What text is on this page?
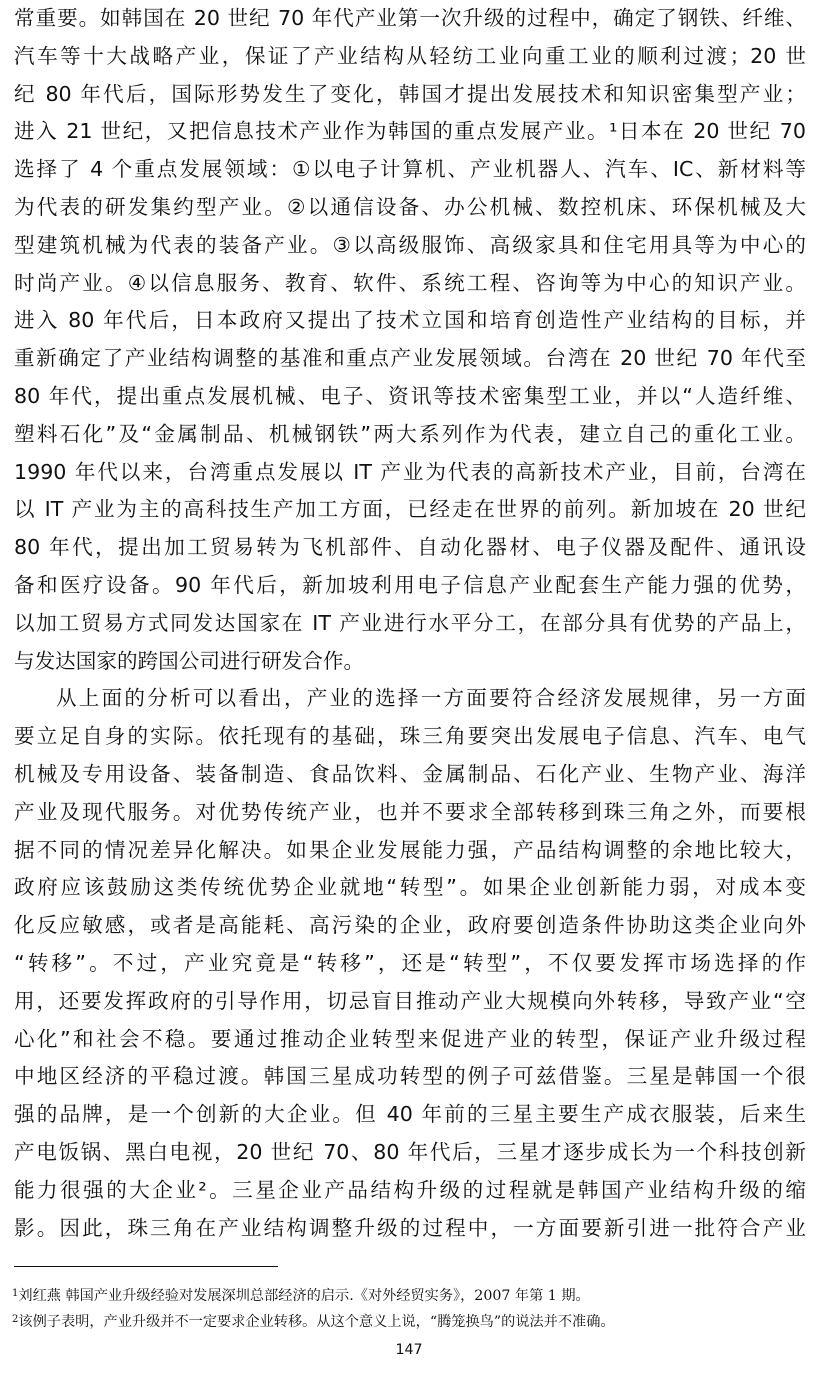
常重要。如韩国在 20 世纪 70 年代产业第一次升级的过程中，确定了钢铁、纤维、
汽车等十大战略产业，保证了产业结构从轻纺工业向重工业的顺利过渡；20 世
纪 80 年代后，国际形势发生了变化，韩国才提出发展技术和知识密集型产业；
进入 21 世纪，又把信息技术产业作为韩国的重点发展产业。¹日本在 20 世纪 70
选择了 4 个重点发展领域：①以电子计算机、产业机器人、汽车、IC、新材料等
为代表的研发集约型产业。②以通信设备、办公机械、数控机床、环保机械及大
型建筑机械为代表的装备产业。③以高级服饰、高级家具和住宅用具等为中心的
时尚产业。④以信息服务、教育、软件、系统工程、咨询等为中心的知识产业。
进入 80 年代后，日本政府又提出了技术立国和培育创造性产业结构的目标，并
重新确定了产业结构调整的基准和重点产业发展领域。台湾在 20 世纪 70 年代至
80 年代，提出重点发展机械、电子、资讯等技术密集型工业，并以“人造纤维、
塑料石化”及“金属制品、机械钢铁”两大系列作为代表，建立自己的重化工业。
1990 年代以来，台湾重点发展以 IT 产业为代表的高新技术产业，目前，台湾在
以 IT 产业为主的高科技生产加工方面，已经走在世界的前列。新加坡在 20 世纪
80 年代，提出加工贸易转为飞机部件、自动化器材、电子仪器及配件、通讯设
备和医疗设备。90 年代后，新加坡利用电子信息产业配套生产能力强的优势，
以加工贸易方式同发达国家在 IT 产业进行水平分工，在部分具有优势的产品上，
与发达国家的跨国公司进行研发合作。
从上面的分析可以看出，产业的选择一方面要符合经济发展规律，另一方面
要立足自身的实际。依托现有的基础，珠三角要突出发展电子信息、汽车、电气
机械及专用设备、装备制造、食品饮料、金属制品、石化产业、生物产业、海洋
产业及现代服务。对优势传统产业，也并不要求全部转移到珠三角之外，而要根
据不同的情况差异化解决。如果企业发展能力强，产品结构调整的余地比较大，
政府应该鼓励这类传统优势企业就地“转型”。如果企业创新能力弱，对成本变
化反应敏感，或者是高能耗、高污染的企业，政府要创造条件协助这类企业向外
“转移”。不过，产业究竟是“转移”，还是“转型”，不仅要发挥市场选择的作
用，还要发挥政府的引导作用，切忌盲目推动产业大规模向外转移，导致产业“空
心化”和社会不稳。要通过推动企业转型来促进产业的转型，保证产业升级过程
中地区经济的平稳过渡。韩国三星成功转型的例子可兹借鉴。三星是韩国一个很
强的品牌，是一个创新的大企业。但 40 年前的三星主要生产成衣服装，后来生
产电饭锅、黑白电视，20 世纪 70、80 年代后，三星才逐步成长为一个科技创新
能力很强的大企业²。三星企业产品结构升级的过程就是韩国产业结构升级的缩
影。因此，珠三角在产业结构调整升级的过程中，一方面要新引进一批符合产业
$^1$刘红燕 韩国产业升级经验对发展深圳总部经济的启示.《对外经贸实务》，2007 年第 1 期。
$^2$该例子表明，产业升级并不一定要求企业转移。从这个意义上说，“腾笼换鸟”的说法并不准确。
147
